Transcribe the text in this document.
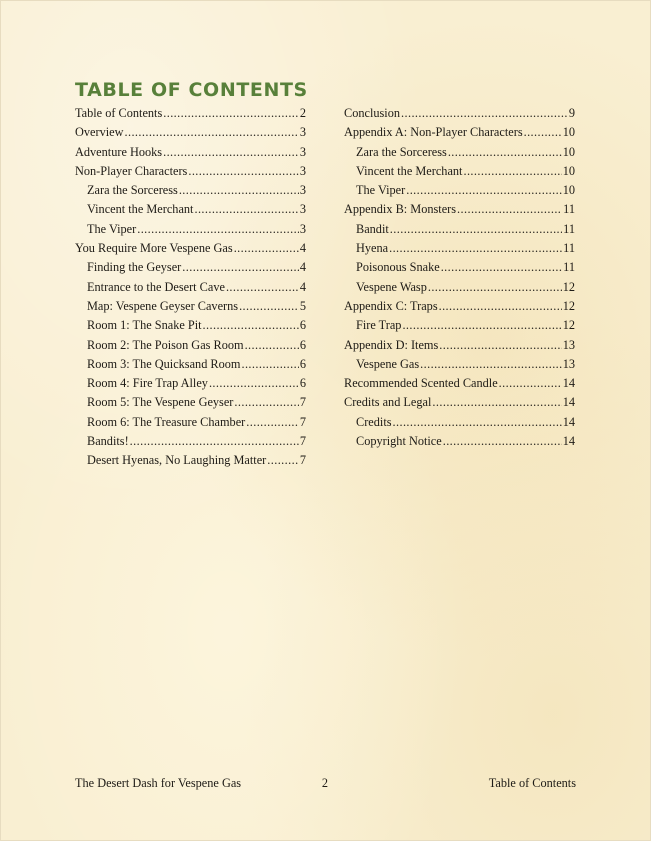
TABLE OF CONTENTS
Table of Contents .....	2
Overview .....	3
Adventure Hooks .....	3
Non-Player Characters .....	3
Zara the Sorceress .....	3
Vincent the Merchant .....	3
The Viper .....	3
You Require More Vespene Gas .....	4
Finding the Geyser .....	4
Entrance to the Desert Cave .....	4
Map: Vespene Geyser Caverns .....	5
Room 1: The Snake Pit .....	6
Room 2: The Poison Gas Room .....	6
Room 3: The Quicksand Room .....	6
Room 4: Fire Trap Alley .....	6
Room 5: The Vespene Geyser .....	7
Room 6: The Treasure Chamber .....	7
Bandits! .....	7
Desert Hyenas, No Laughing Matter .....	7
Conclusion .....	9
Appendix A: Non-Player Characters .....	10
Zara the Sorceress .....	10
Vincent the Merchant .....	10
The Viper .....	10
Appendix B: Monsters .....	11
Bandit .....	11
Hyena .....	11
Poisonous Snake .....	11
Vespene Wasp .....	12
Appendix C: Traps .....	12
Fire Trap .....	12
Appendix D: Items .....	13
Vespene Gas .....	13
Recommended Scented Candle .....	14
Credits and Legal .....	14
Credits .....	14
Copyright Notice .....	14
The Desert Dash for Vespene Gas	2	Table of Contents
